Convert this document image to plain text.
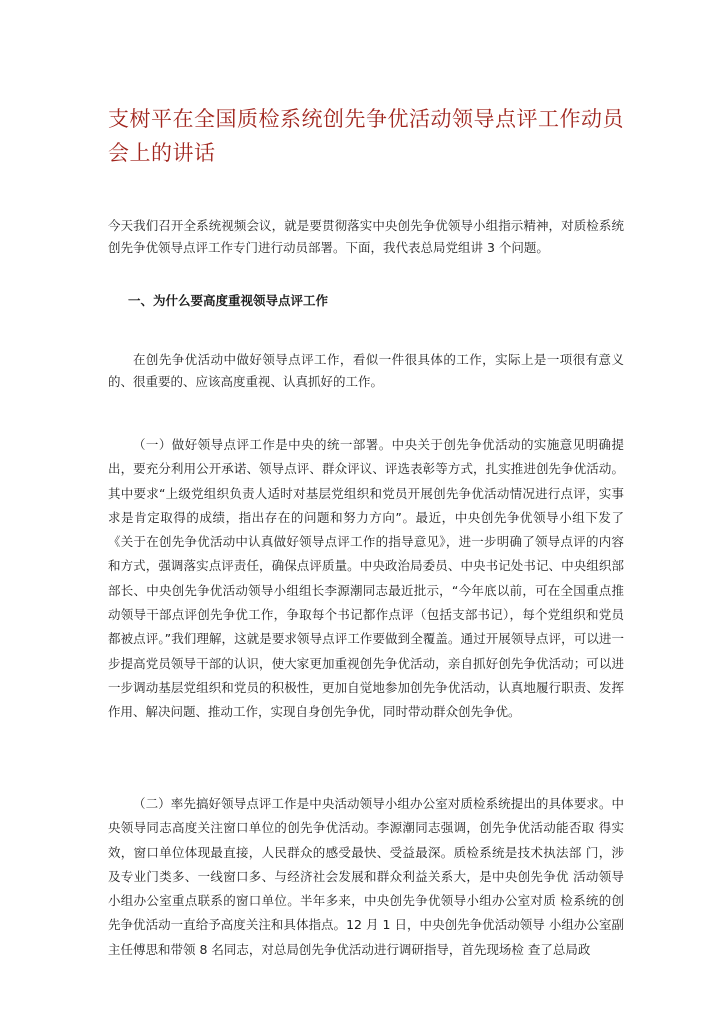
支树平在全国质检系统创先争优活动领导点评工作动员会上的讲话

今天我们召开全系统视频会议，就是要贯彻落实中央创先争优领导小组指示精神，对质检系统创先争优领导点评工作专门进行动员部署。下面，我代表总局党组讲 3 个问题。

一、为什么要高度重视领导点评工作

在创先争优活动中做好领导点评工作，看似一件很具体的工作，实际上是一项很有意义的、很重要的、应该高度重视、认真抓好的工作。

（一）做好领导点评工作是中央的统一部署。中央关于创先争优活动的实施意见明确提出，要充分利用公开承诺、领导点评、群众评议、评选表彰等方式，扎实推进创先争优活动。其中要求“上级党组织负责人适时对基层党组织和党员开展创先争优活动情况进行点评，实事求是肯定取得的成绩，指出存在的问题和努力方向”。最近，中央创先争优领导小组下发了《关于在创先争优活动中认真做好领导点评工作的指导意见》，进一步明确了领导点评的内容和方式，强调落实点评责任，确保点评质量。中央政治局委员、中央书记处书记、中央组织部部长、中央创先争优活动领导小组组长李源潮同志最近批示，“今年底以前，可在全国重点推动领导干部点评创先争优工作，争取每个书记都作点评（包括支部书记），每个党组织和党员都被点评。”我们理解，这就是要求领导点评工作要做到全覆盖。通过开展领导点评，可以进一步提高党员领导干部的认识，使大家更加重视创先争优活动，亲自抓好创先争优活动；可以进一步调动基层党组织和党员的积极性，更加自觉地参加创先争优活动，认真地履行职责、发挥作用、解决问题、推动工作，实现自身创先争优，同时带动群众创先争优。

（二）率先搞好领导点评工作是中央活动领导小组办公室对质检系统提出的具体要求。中央领导同志高度关注窗口单位的创先争优活动。李源潮同志强调，创先争优活动能否取 得实效，窗口单位体现最直接，人民群众的感受最快、受益最深。质检系统是技术执法部 门，涉及专业门类多、一线窗口多、与经济社会发展和群众利益关系大，是中央创先争优 活动领导小组办公室重点联系的窗口单位。半年多来，中央创先争优领导小组办公室对质 检系统的创先争优活动一直给予高度关注和具体指点。12 月 1 日，中央创先争优活动领导 小组办公室副主任傅思和带领 8 名同志，对总局创先争优活动进行调研指导，首先现场检 查了总局政
